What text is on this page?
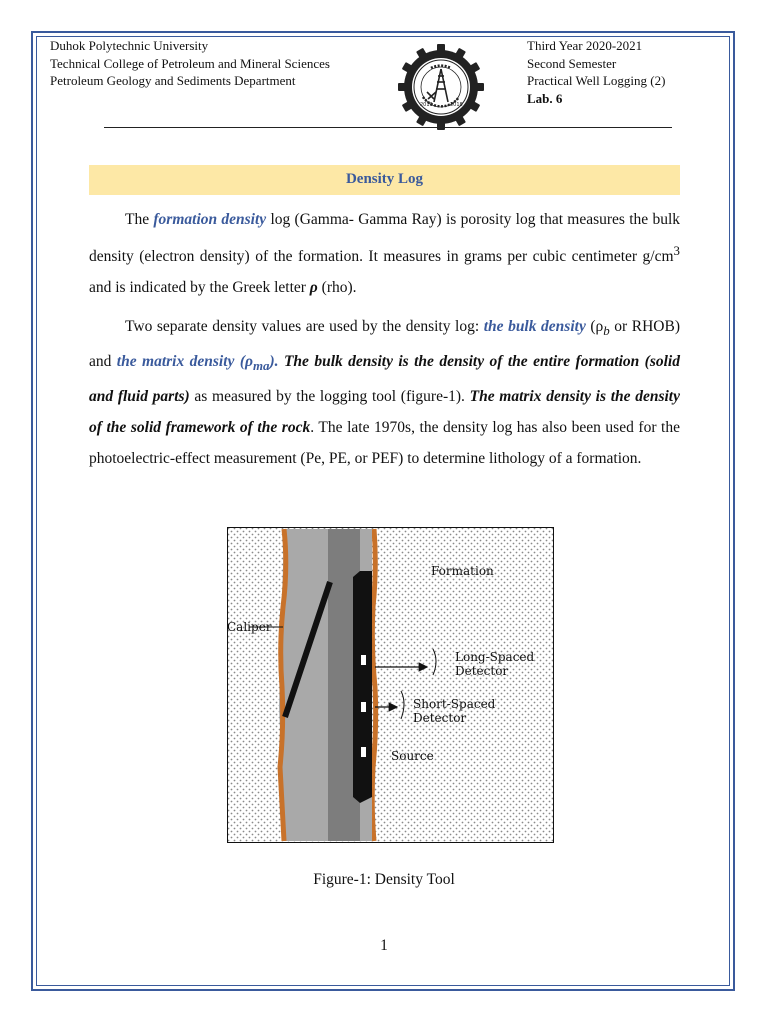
Duhok Polytechnic University
Technical College of Petroleum and Mineral Sciences
Petroleum Geology and Sediments Department
2010	2018
Third Year 2020-2021
Second Semester
Practical Well Logging (2)
Lab. 6
Density Log
The formation density log (Gamma- Gamma Ray) is porosity log that measures the bulk density (electron density) of the formation. It measures in grams per cubic centimeter $g/cm^3$ and is indicated by the Greek letter ρ (rho).
Two separate density values are used by the density log: the bulk density ($\rho_b$ or RHOB) and the matrix density $(\rho_{ma})$. The bulk density is the density of the entire formation (solid and fluid parts) as measured by the logging tool (figure-1). The matrix density is the density of the solid framework of the rock. The late 1970s, the density log has also been used for the photoelectric-effect measurement (Pe, PE, or PEF) to determine lithology of a formation.
Formation
Caliper
Long-Spaced
Detector
Short-Spaced
Detector
Source
Figure-1: Density Tool
1
